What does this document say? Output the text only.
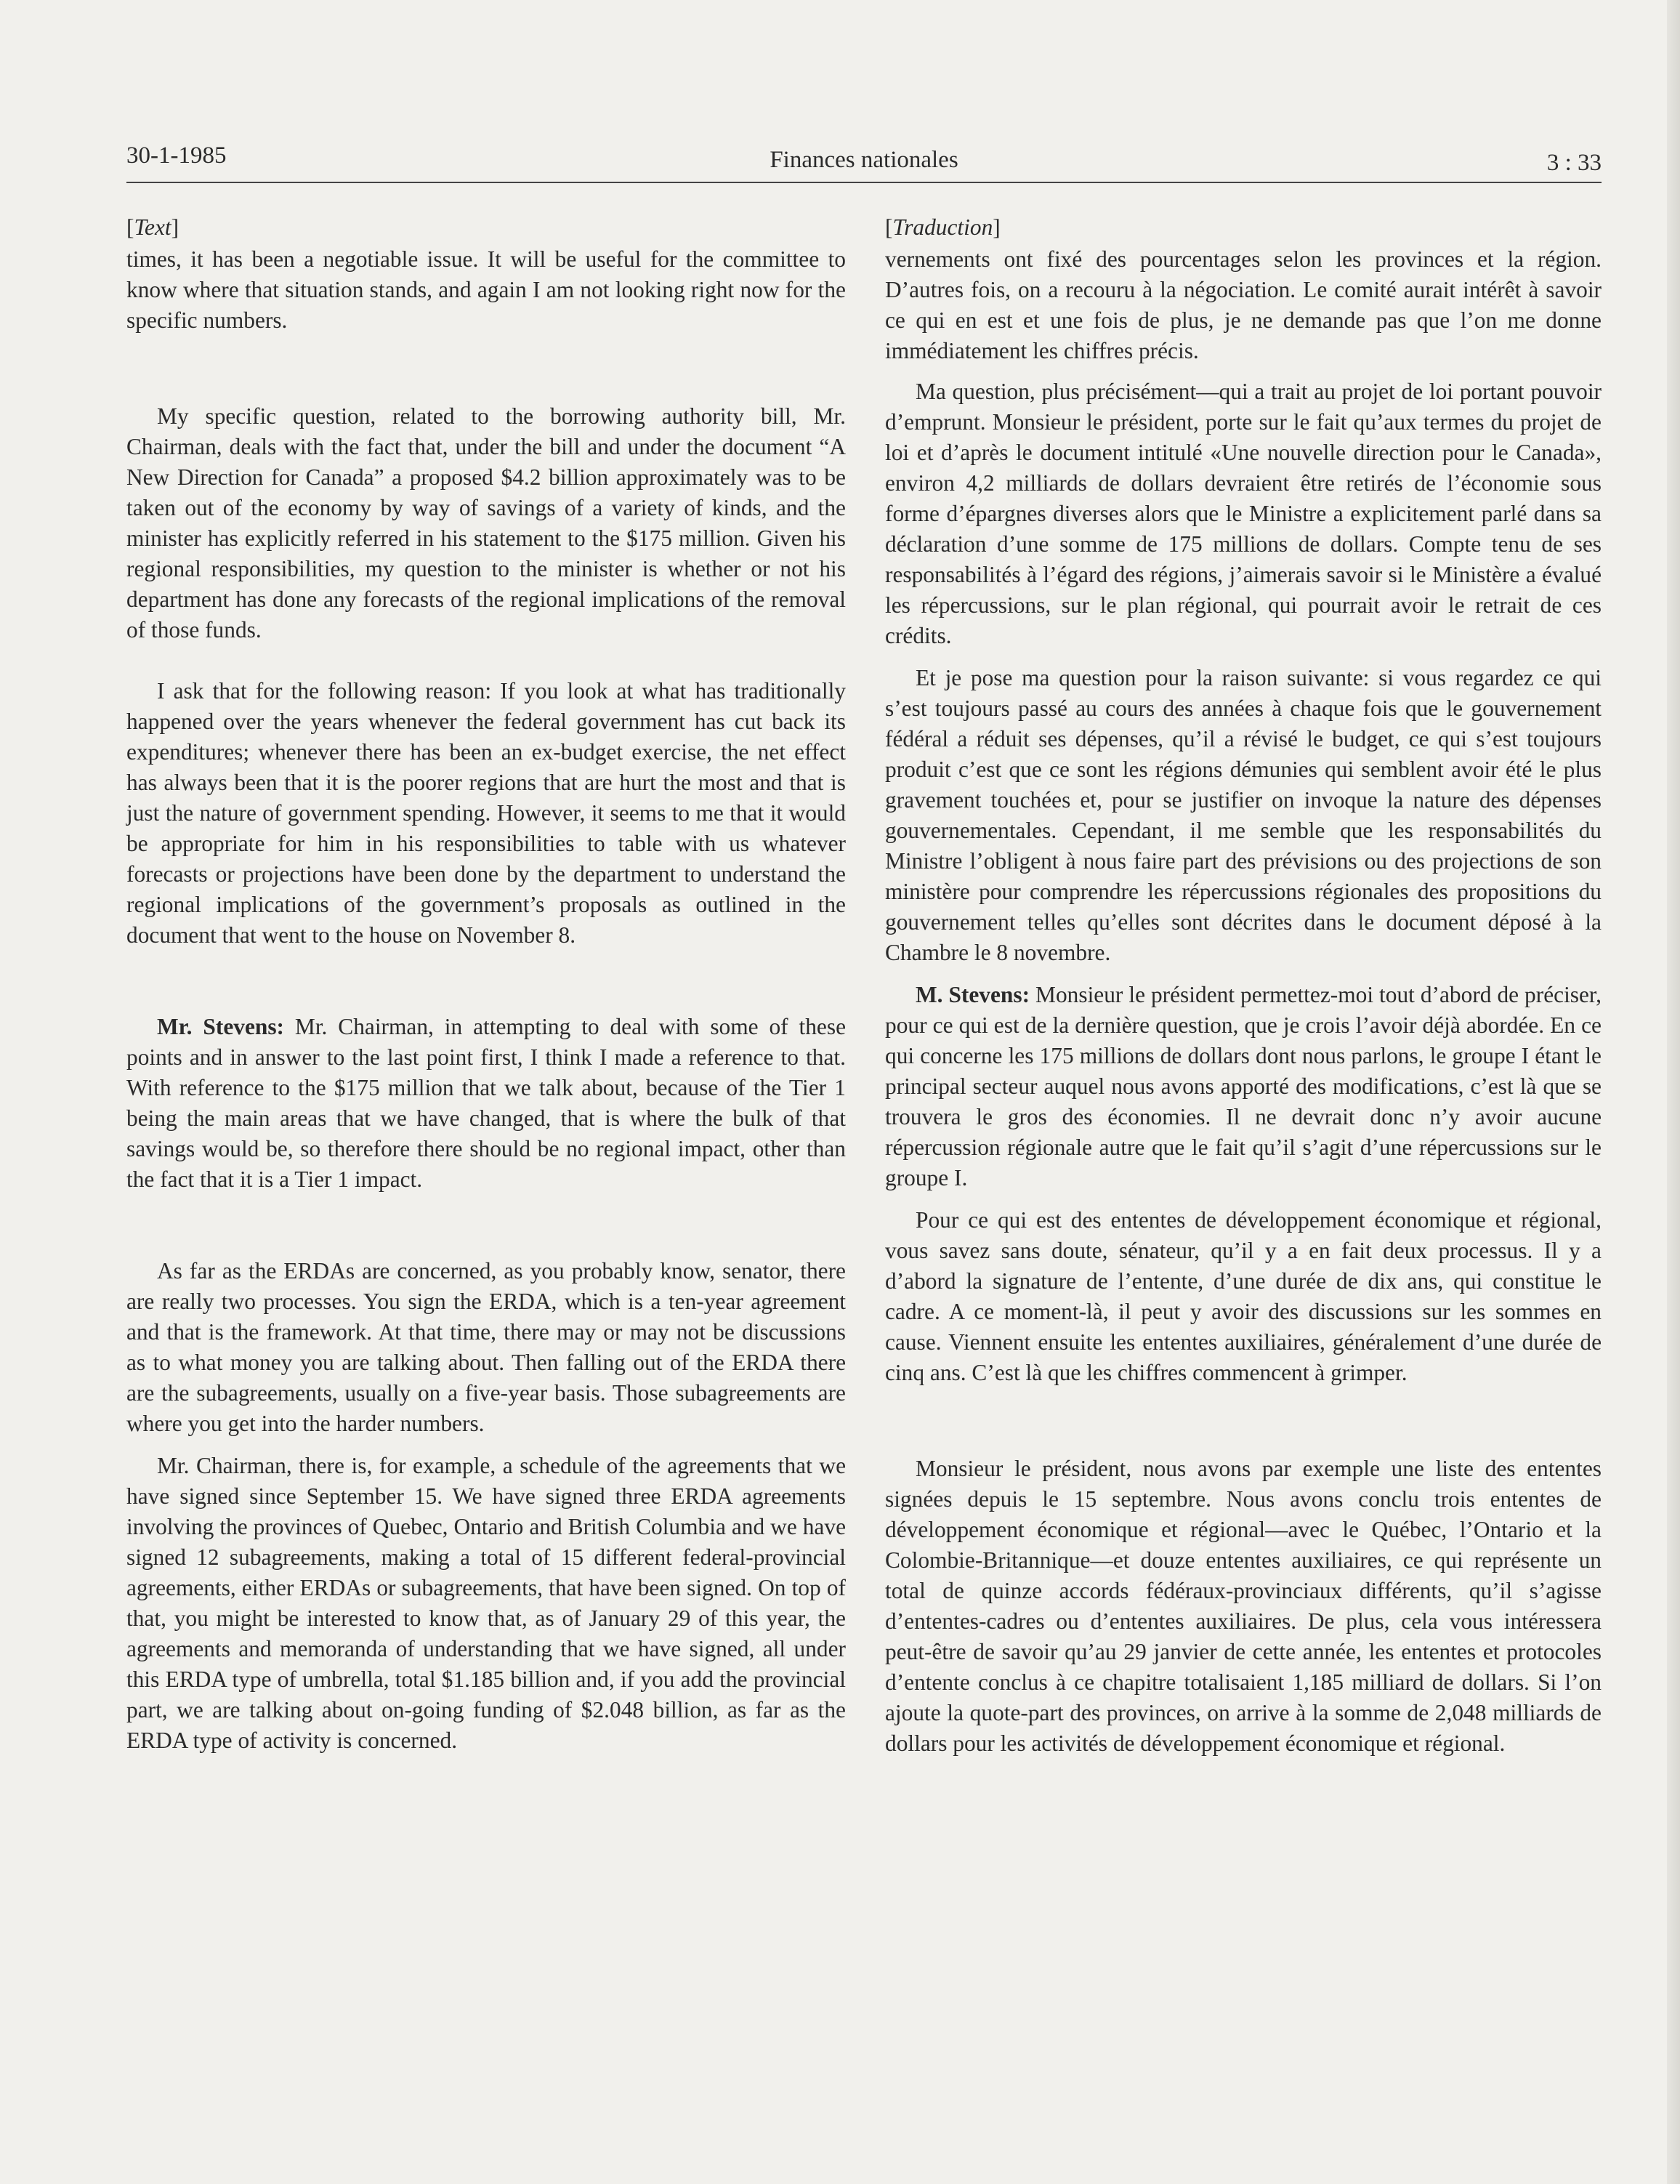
30-1-1985	Finances nationales	3 : 33
[Text]

times, it has been a negotiable issue. It will be useful for the committee to know where that situation stands, and again I am not looking right now for the specific numbers.

My specific question, related to the borrowing authority bill, Mr. Chairman, deals with the fact that, under the bill and under the document “A New Direction for Canada” a proposed $4.2 billion approximately was to be taken out of the economy by way of savings of a variety of kinds, and the minister has explicitly referred in his statement to the $175 million. Given his regional responsibilities, my question to the minister is whether or not his department has done any forecasts of the regional implications of the removal of those funds.

I ask that for the following reason: If you look at what has traditionally happened over the years whenever the federal government has cut back its expenditures; whenever there has been an ex-budget exercise, the net effect has always been that it is the poorer regions that are hurt the most and that is just the nature of government spending. However, it seems to me that it would be appropriate for him in his responsibilities to table with us whatever forecasts or projections have been done by the department to understand the regional implications of the government’s proposals as outlined in the document that went to the house on November 8.

Mr. Stevens: Mr. Chairman, in attempting to deal with some of these points and in answer to the last point first, I think I made a reference to that. With reference to the $175 million that we talk about, because of the Tier 1 being the main areas that we have changed, that is where the bulk of that savings would be, so therefore there should be no regional impact, other than the fact that it is a Tier 1 impact.

As far as the ERDAs are concerned, as you probably know, senator, there are really two processes. You sign the ERDA, which is a ten-year agreement and that is the framework. At that time, there may or may not be discussions as to what money you are talking about. Then falling out of the ERDA there are the subagreements, usually on a five-year basis. Those subagreements are where you get into the harder numbers.

Mr. Chairman, there is, for example, a schedule of the agreements that we have signed since September 15. We have signed three ERDA agreements involving the provinces of Quebec, Ontario and British Columbia and we have signed 12 subagreements, making a total of 15 different federal-provincial agreements, either ERDAs or subagreements, that have been signed. On top of that, you might be interested to know that, as of January 29 of this year, the agreements and memoranda of understanding that we have signed, all under this ERDA type of umbrella, total $1.185 billion and, if you add the provincial part, we are talking about on-going funding of $2.048 billion, as far as the ERDA type of activity is concerned.

[Traduction]

vernements ont fixé des pourcentages selon les provinces et la région. D’autres fois, on a recouru à la négociation. Le comité aurait intérêt à savoir ce qui en est et une fois de plus, je ne demande pas que l’on me donne immédiatement les chiffres précis.

Ma question, plus précisément—qui a trait au projet de loi portant pouvoir d’emprunt. Monsieur le président, porte sur le fait qu’aux termes du projet de loi et d’après le document intitulé «Une nouvelle direction pour le Canada», environ 4,2 milliards de dollars devraient être retirés de l’économie sous forme d’épargnes diverses alors que le Ministre a explicitement parlé dans sa déclaration d’une somme de 175 millions de dollars. Compte tenu de ses responsabilités à l’égard des régions, j’aimerais savoir si le Ministère a évalué les répercussions, sur le plan régional, qui pourrait avoir le retrait de ces crédits.

Et je pose ma question pour la raison suivante: si vous regardez ce qui s’est toujours passé au cours des années à chaque fois que le gouvernement fédéral a réduit ses dépenses, qu’il a révisé le budget, ce qui s’est toujours produit c’est que ce sont les régions démunies qui semblent avoir été le plus gravement touchées et, pour se justifier on invoque la nature des dépenses gouvernementales. Cependant, il me semble que les responsabilités du Ministre l’obligent à nous faire part des prévisions ou des projections de son ministère pour comprendre les répercussions régionales des propositions du gouvernement telles qu’elles sont décrites dans le document déposé à la Chambre le 8 novembre.

M. Stevens: Monsieur le président permettez-moi tout d’abord de préciser, pour ce qui est de la dernière question, que je crois l’avoir déjà abordée. En ce qui concerne les 175 millions de dollars dont nous parlons, le groupe I étant le principal secteur auquel nous avons apporté des modifications, c’est là que se trouvera le gros des économies. Il ne devrait donc n’y avoir aucune répercussion régionale autre que le fait qu’il s’agit d’une répercussions sur le groupe I.

Pour ce qui est des ententes de développement économique et régional, vous savez sans doute, sénateur, qu’il y a en fait deux processus. Il y a d’abord la signature de l’entente, d’une durée de dix ans, qui constitue le cadre. A ce moment-là, il peut y avoir des discussions sur les sommes en cause. Viennent ensuite les ententes auxiliaires, généralement d’une durée de cinq ans. C’est là que les chiffres commencent à grimper.

Monsieur le président, nous avons par exemple une liste des ententes signées depuis le 15 septembre. Nous avons conclu trois ententes de développement économique et régional—avec le Québec, l’Ontario et la Colombie-Britannique—et douze ententes auxiliaires, ce qui représente un total de quinze accords fédéraux-provinciaux différents, qu’il s’agisse d’ententes-cadres ou d’ententes auxiliaires. De plus, cela vous intéressera peut-être de savoir qu’au 29 janvier de cette année, les ententes et protocoles d’entente conclus à ce chapitre totalisaient 1,185 milliard de dollars. Si l’on ajoute la quote-part des provinces, on arrive à la somme de 2,048 milliards de dollars pour les activités de développement économique et régional.
